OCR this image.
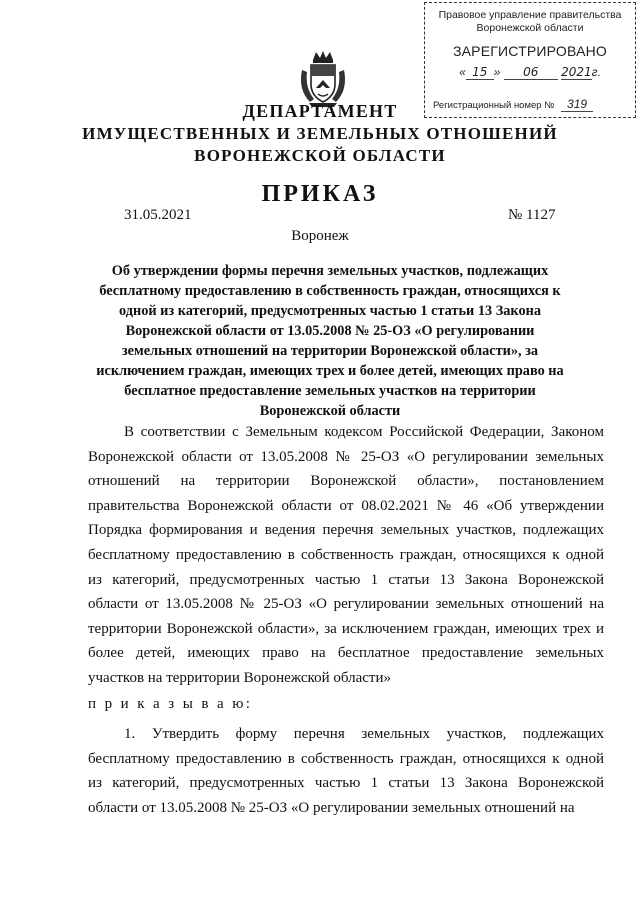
Правовое управление правительства
Воронежской области
ЗАРЕГИСТРИРОВАНО
« 15 » 06 2021г.
Регистрационный номер № 319
ДЕПАРТАМЕНТ
ИМУЩЕСТВЕННЫХ И ЗЕМЕЛЬНЫХ ОТНОШЕНИЙ
ВОРОНЕЖСКОЙ ОБЛАСТИ
ПРИКАЗ
31.05.2021	№ 1127
Воронеж
Об утверждении формы перечня земельных участков, подлежащих бесплатному предоставлению в собственность граждан, относящихся к одной из категорий, предусмотренных частью 1 статьи 13 Закона Воронежской области от 13.05.2008 № 25-ОЗ «О регулировании земельных отношений на территории Воронежской области», за исключением граждан, имеющих трех и более детей, имеющих право на бесплатное предоставление земельных участков на территории Воронежской области

В соответствии с Земельным кодексом Российской Федерации, Законом Воронежской области от 13.05.2008 № 25-ОЗ «О регулировании земельных отношений на территории Воронежской области», постановлением правительства Воронежской области от 08.02.2021 № 46 «Об утверждении Порядка формирования и ведения перечня земельных участков, подлежащих бесплатному предоставлению в собственность граждан, относящихся к одной из категорий, предусмотренных частью 1 статьи 13 Закона Воронежской области от 13.05.2008 № 25-ОЗ «О регулировании земельных отношений на территории Воронежской области», за исключением граждан, имеющих трех и более детей, имеющих право на бесплатное предоставление земельных участков на территории Воронежской области»

п р и к а з ы в а ю:

1. Утвердить форму перечня земельных участков, подлежащих бесплатному предоставлению в собственность граждан, относящихся к одной из категорий, предусмотренных частью 1 статьи 13 Закона Воронежской области от 13.05.2008 № 25-ОЗ «О регулировании земельных отношений на
